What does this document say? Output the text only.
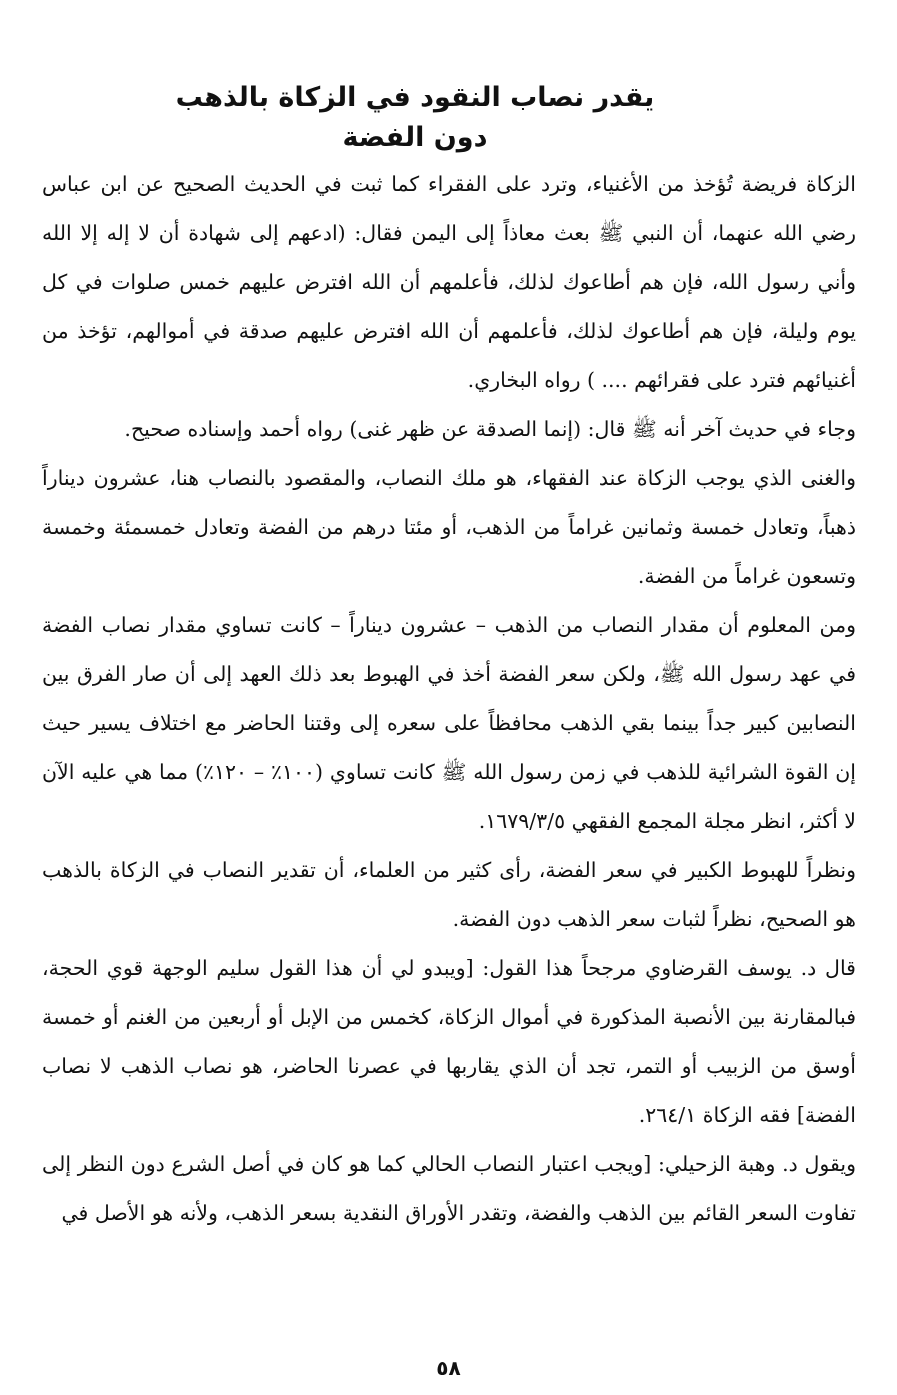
يقدر نصاب النقود في الزكاة بالذهب دون الفضة

الزكاة فريضة تُؤخذ من الأغنياء، وترد على الفقراء كما ثبت في الحديث الصحيح عن ابن عباس رضي الله عنهما، أن النبي ﷺ بعث معاذاً إلى اليمن فقال: (ادعهم إلى شهادة أن لا إله إلا الله وأني رسول الله، فإن هم أطاعوك لذلك، فأعلمهم أن الله افترض عليهم خمس صلوات في كل يوم وليلة، فإن هم أطاعوك لذلك، فأعلمهم أن الله افترض عليهم صدقة في أموالهم، تؤخذ من أغنيائهم فترد على فقرائهم .... ) رواه البخاري.

وجاء في حديث آخر أنه ﷺ قال: (إنما الصدقة عن ظهر غنى) رواه أحمد وإسناده صحيح.

والغنى الذي يوجب الزكاة عند الفقهاء، هو ملك النصاب، والمقصود بالنصاب هنا، عشرون ديناراً ذهباً، وتعادل خمسة وثمانين غراماً من الذهب، أو مئتا درهم من الفضة وتعادل خمسمئة وخمسة وتسعون غراماً من الفضة.

ومن المعلوم أن مقدار النصاب من الذهب – عشرون ديناراً – كانت تساوي مقدار نصاب الفضة في عهد رسول الله ﷺ، ولكن سعر الفضة أخذ في الهبوط بعد ذلك العهد إلى أن صار الفرق بين النصابين كبير جداً بينما بقي الذهب محافظاً على سعره إلى وقتنا الحاضر مع اختلاف يسير حيث إن القوة الشرائية للذهب في زمن رسول الله ﷺ كانت تساوي (١٠٠٪ – ١٢٠٪) مما هي عليه الآن لا أكثر، انظر مجلة المجمع الفقهي ١٦٧٩/٣/٥.

ونظراً للهبوط الكبير في سعر الفضة، رأى كثير من العلماء، أن تقدير النصاب في الزكاة بالذهب هو الصحيح، نظراً لثبات سعر الذهب دون الفضة.

قال د. يوسف القرضاوي مرجحاً هذا القول: [ويبدو لي أن هذا القول سليم الوجهة قوي الحجة، فبالمقارنة بين الأنصبة المذكورة في أموال الزكاة، كخمس من الإبل أو أربعين من الغنم أو خمسة أوسق من الزبيب أو التمر، تجد أن الذي يقاربها في عصرنا الحاضر، هو نصاب الذهب لا نصاب الفضة] فقه الزكاة ٢٦٤/١.

ويقول د. وهبة الزحيلي: [ويجب اعتبار النصاب الحالي كما هو كان في أصل الشرع دون النظر إلى تفاوت السعر القائم بين الذهب والفضة، وتقدر الأوراق النقدية بسعر الذهب، ولأنه هو الأصل في

٥٨
